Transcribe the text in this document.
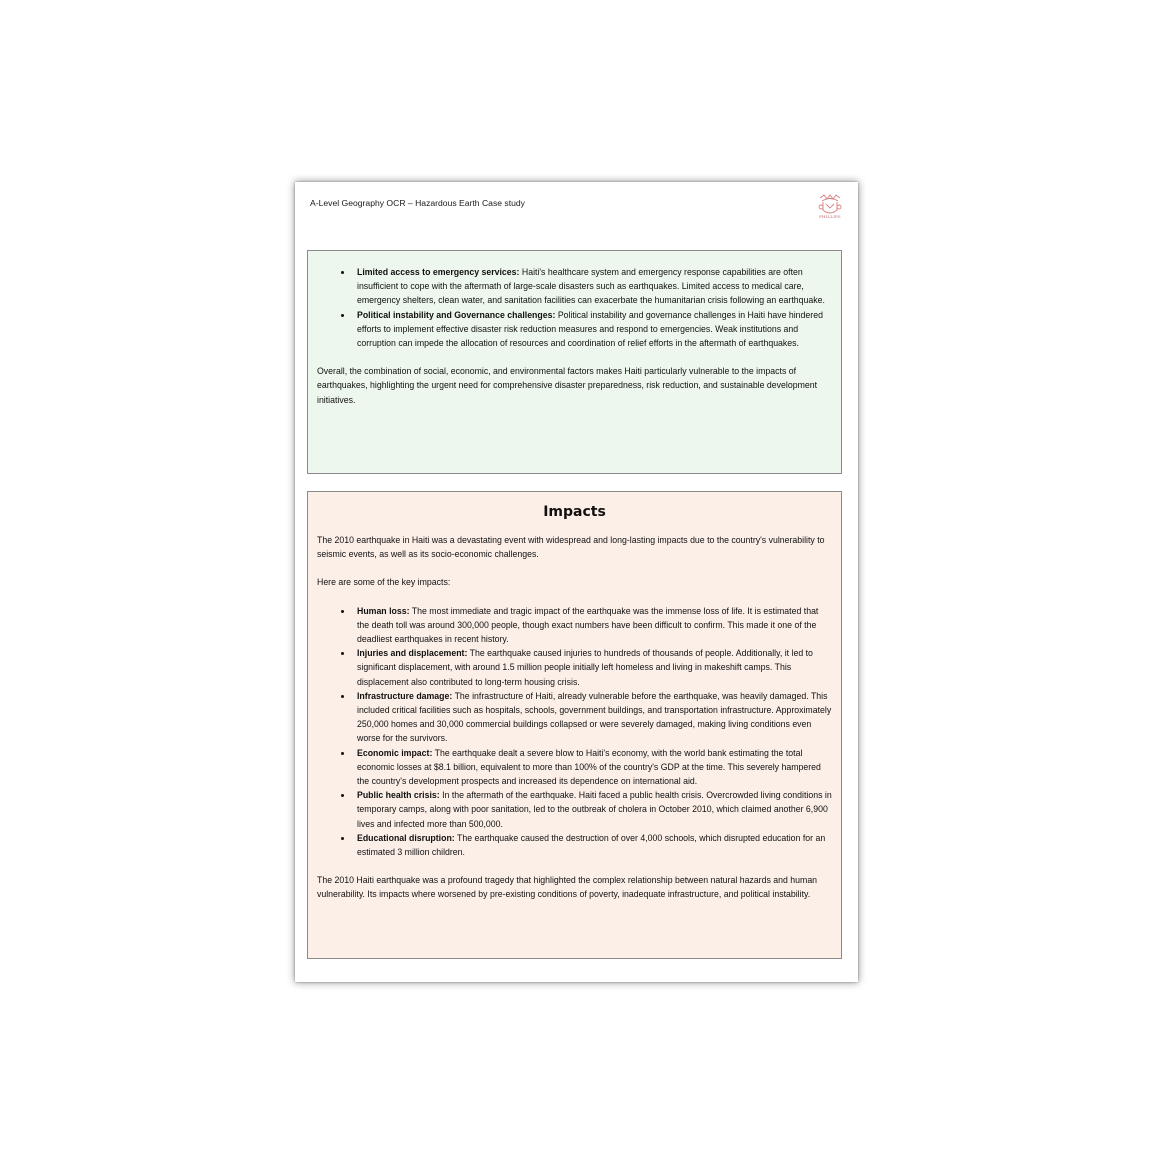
A-Level Geography OCR – Hazardous Earth Case study
PHILLIPS
• Limited access to emergency services: Haiti's healthcare system and emergency response capabilities are often insufficient to cope with the aftermath of large-scale disasters such as earthquakes. Limited access to medical care, emergency shelters, clean water, and sanitation facilities can exacerbate the humanitarian crisis following an earthquake.
• Political instability and Governance challenges: Political instability and governance challenges in Haiti have hindered efforts to implement effective disaster risk reduction measures and respond to emergencies. Weak institutions and corruption can impede the allocation of resources and coordination of relief efforts in the aftermath of earthquakes.

Overall, the combination of social, economic, and environmental factors makes Haiti particularly vulnerable to the impacts of earthquakes, highlighting the urgent need for comprehensive disaster preparedness, risk reduction, and sustainable development initiatives.

Impacts

The 2010 earthquake in Haiti was a devastating event with widespread and long-lasting impacts due to the country's vulnerability to seismic events, as well as its socio-economic challenges.

Here are some of the key impacts:

• Human loss: The most immediate and tragic impact of the earthquake was the immense loss of life. It is estimated that the death toll was around 300,000 people, though exact numbers have been difficult to confirm. This made it one of the deadliest earthquakes in recent history.
• Injuries and displacement: The earthquake caused injuries to hundreds of thousands of people. Additionally, it led to significant displacement, with around 1.5 million people initially left homeless and living in makeshift camps. This displacement also contributed to long-term housing crisis.
• Infrastructure damage: The infrastructure of Haiti, already vulnerable before the earthquake, was heavily damaged. This included critical facilities such as hospitals, schools, government buildings, and transportation infrastructure. Approximately 250,000 homes and 30,000 commercial buildings collapsed or were severely damaged, making living conditions even worse for the survivors.
• Economic impact: The earthquake dealt a severe blow to Haiti's economy, with the world bank estimating the total economic losses at $8.1 billion, equivalent to more than 100% of the country's GDP at the time. This severely hampered the country's development prospects and increased its dependence on international aid.
• Public health crisis: In the aftermath of the earthquake. Haiti faced a public health crisis. Overcrowded living conditions in temporary camps, along with poor sanitation, led to the outbreak of cholera in October 2010, which claimed another 6,900 lives and infected more than 500,000.
• Educational disruption: The earthquake caused the destruction of over 4,000 schools, which disrupted education for an estimated 3 million children.

The 2010 Haiti earthquake was a profound tragedy that highlighted the complex relationship between natural hazards and human vulnerability. Its impacts where worsened by pre-existing conditions of poverty, inadequate infrastructure, and political instability.
